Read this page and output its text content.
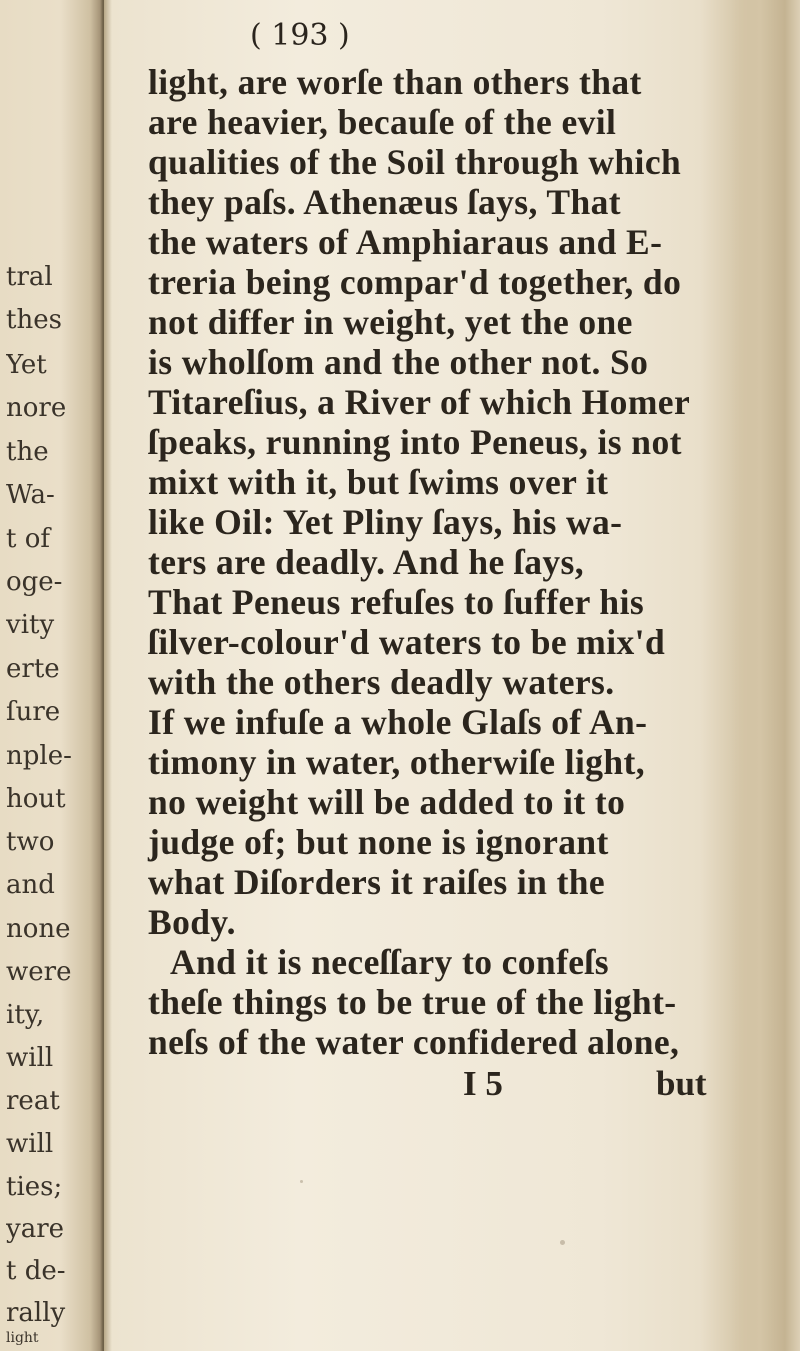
tral
thes
Yet
nore
the
Wa-
t of
oge-
vity
erte
ſure
nple-
hout
two
and
none
were
ity,
will
reat
will
ties;
yare
t de-
rally
light
( 193 )
light, are worſe than others that
are heavier, becauſe of the evil
qualities of the Soil through which
they paſs. Athenæus ſays, That
the waters of Amphiaraus and E-
treria being compar'd together, do
not differ in weight, yet the one
is wholſom and the other not. So
Titareſius, a River of which Homer
ſpeaks, running into Peneus, is not
mixt with it, but ſwims over it
like Oil: Yet Pliny ſays, his wa-
ters are deadly. And he ſays,
That Peneus refuſes to ſuffer his
ſilver-colour'd waters to be mix'd
with the others deadly waters.
If we infuſe a whole Glaſs of An-
timony in water, otherwiſe light,
no weight will be added to it to
judge of; but none is ignorant
what Diſorders it raiſes in the
Body.
And it is neceſſary to confeſs
theſe things to be true of the light-
neſs of the water confidered alone,
I 5	but
